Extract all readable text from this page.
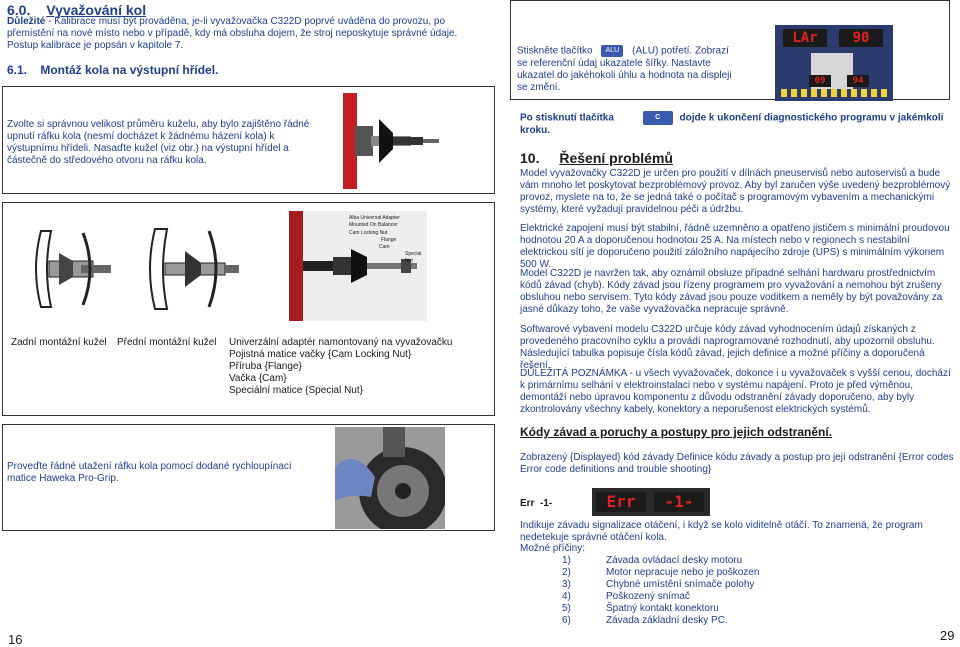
6.0. Vyvažování kol
Důležité - Kalibrace musí být prováděna, je-li vyvažovačka C322D poprvé uváděna do provozu, po přemístění na nové místo nebo v případě, kdy má obsluha dojem, že stroj neposkytuje správné údaje.
Postup kalibrace je popsán v kapitole 7.
6.1.    Montáž kola na výstupní hřídel.
Zvolte si správnou velikost průměru kuželu, aby bylo zajištěno řádné upnutí ráfku kola (nesmí docházet k žádnému házení kola) k výstupnímu hřídeli. Nasaďte kužel (viz obr.) na výstupní hřídel a částečně do středového otvoru na ráfku kola.
Alba Universal Adapter Mounted On Balancer
Cam Locking Nut
Flange
Cam
Special Nut
Zadní montážní kužel Přední montážní kužel Univerzální adaptér namontovaný na vyvažovačku
Pojistná matice vačky {Cam Locking Nut}
Příruba {Flange}
Vačka {Cam}
Speciální matice {Special Nut}
Proveďte řádné utažení ráfku kola pomocí dodané rychloupínací matice Haweka Pro-Grip.
16
Stiskněte tlačítko ALU (ALU) potřetí. Zobrazí se referenční údaj ukazatele šířky. Nastavte ukazatel do jakéhokoli úhlu a hodnota na displeji se změní.
LAr	90
09	94
Po stisknutí tlačítka	C dojde k ukončení diagnostického programu v jakémkoli kroku.
10. Řešení problémů
Model vyvažovačky C322D je určen pro použití v dílnách pneuservisů nebo autoservisů a bude vám mnoho let poskytovat bezproblémový provoz. Aby byl zaručen výše uvedený bezproblémový provoz, myslete na to, že se jedná také o počítač s programovým vybavením a mechanickými systémy, které vyžadují pravidelnou péči a údržbu.
Elektrické zapojení musí být stabilní, řádně uzemněno a opatřeno jističem s minimální proudovou hodnotou 20 A a doporučenou hodnotou 25 A. Na místech nebo v regionech s nestabilní elektrickou sítí je doporučeno použití záložního napájecího zdroje (UPS) s minimálním výkonem 500 W.
Model C322D je navržen tak, aby oznámil obsluze případné selhání hardwaru prostřednictvím kódů závad (chyb). Kódy závad jsou řízeny programem pro vyvažování a nemohou být zrušeny obsluhou nebo servisem. Tyto kódy závad jsou pouze voditkem a neměly by být považovány za jasné důkazy toho, že vaše vyvažovačka nepracuje správně.
Softwarové vybavení modelu C322D určuje kódy závad vyhodnocením údajů získaných z provedeného pracovního cyklu a provádí naprogramované rozhodnutí, aby upozornil obsluhu. Následující tabulka popisuje čísla kódů závad, jejich definice a možné příčiny a doporučená řešení.
DŮLEŽITÁ POZNÁMKA - u všech vyvažovaček, dokonce i u vyvažovaček s vyšší cenou, dochází k primárnímu selhání v elektroinstalaci nebo v systému napájení. Proto je před výměnou, demontáží nebo úpravou komponentu z důvodu odstranění závady doporučeno, aby byly zkontrolovány všechny kabely, konektory a neporušenost elektrických systémů.
Kódy závad a poruchy a postupy pro jejich odstranění.
Zobrazený {Displayed} kód závady Definice kódu závady a postup pro její odstranění {Error codes Error code definitions and trouble shooting}
Err  -1-	Err	-1-
Indikuje závadu signalizace otáčení, i když se kolo viditelně otáčí. To znamená, že program nedetekuje správné otáčení kola.
Možné příčiny:
1)	Závada ovládací desky motoru
2)	Motor nepracuje nebo je poškozen
3)	Chybné umístění snímače polohy
4)	Poškozený snímač
5)	Špatný kontakt konektoru
6)	Závada základní desky PC.
29
